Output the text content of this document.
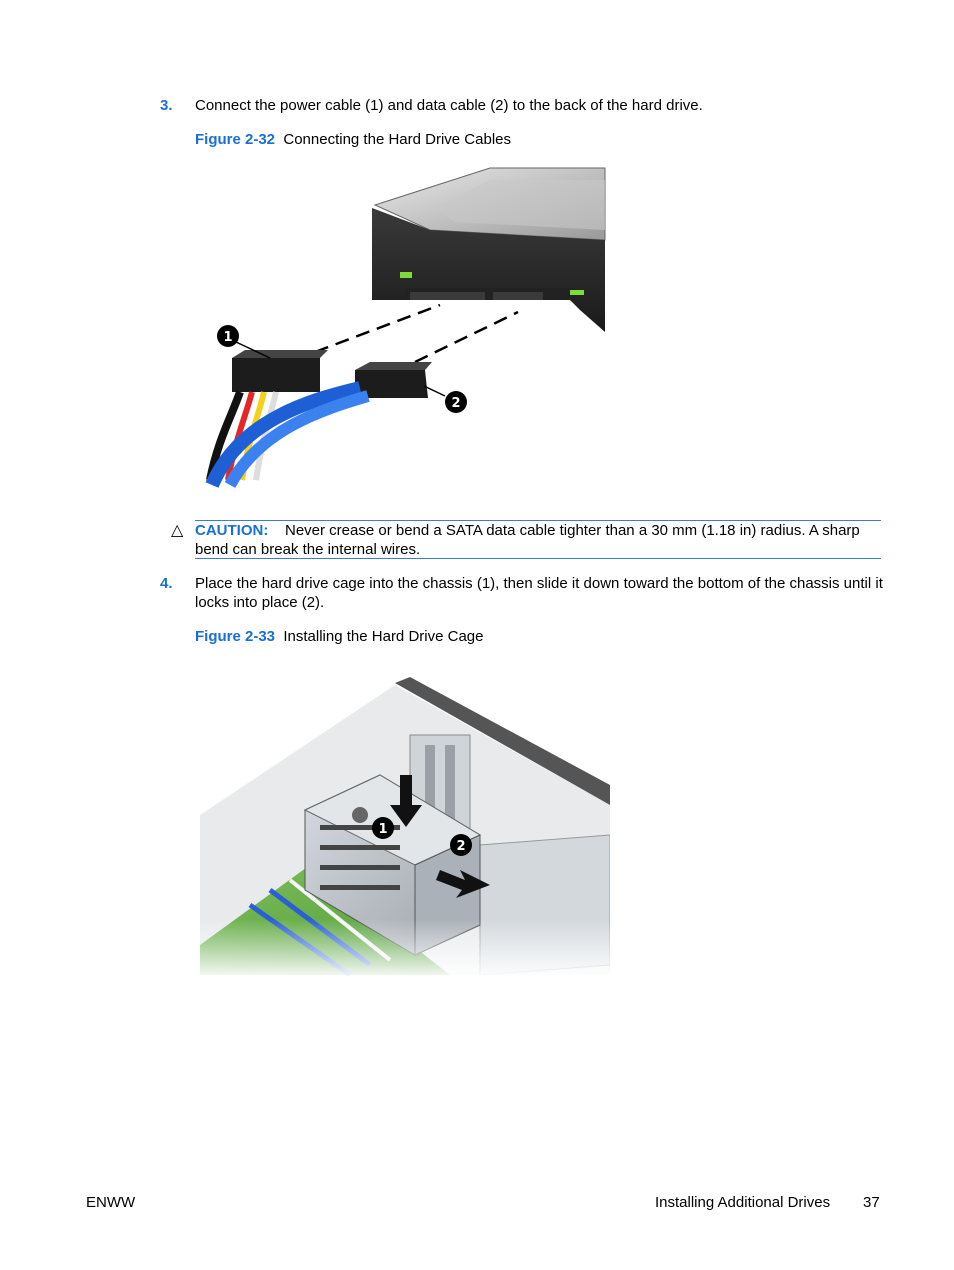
3. Connect the power cable (1) and data cable (2) to the back of the hard drive.
Figure 2-32 Connecting the Hard Drive Cables
1
2
△ CAUTION: Never crease or bend a SATA data cable tighter than a 30 mm (1.18 in) radius. A sharp bend can break the internal wires.
4. Place the hard drive cage into the chassis (1), then slide it down toward the bottom of the chassis until it locks into place (2).
Figure 2-33 Installing the Hard Drive Cage
ENWW	Installing Additional Drives 37
